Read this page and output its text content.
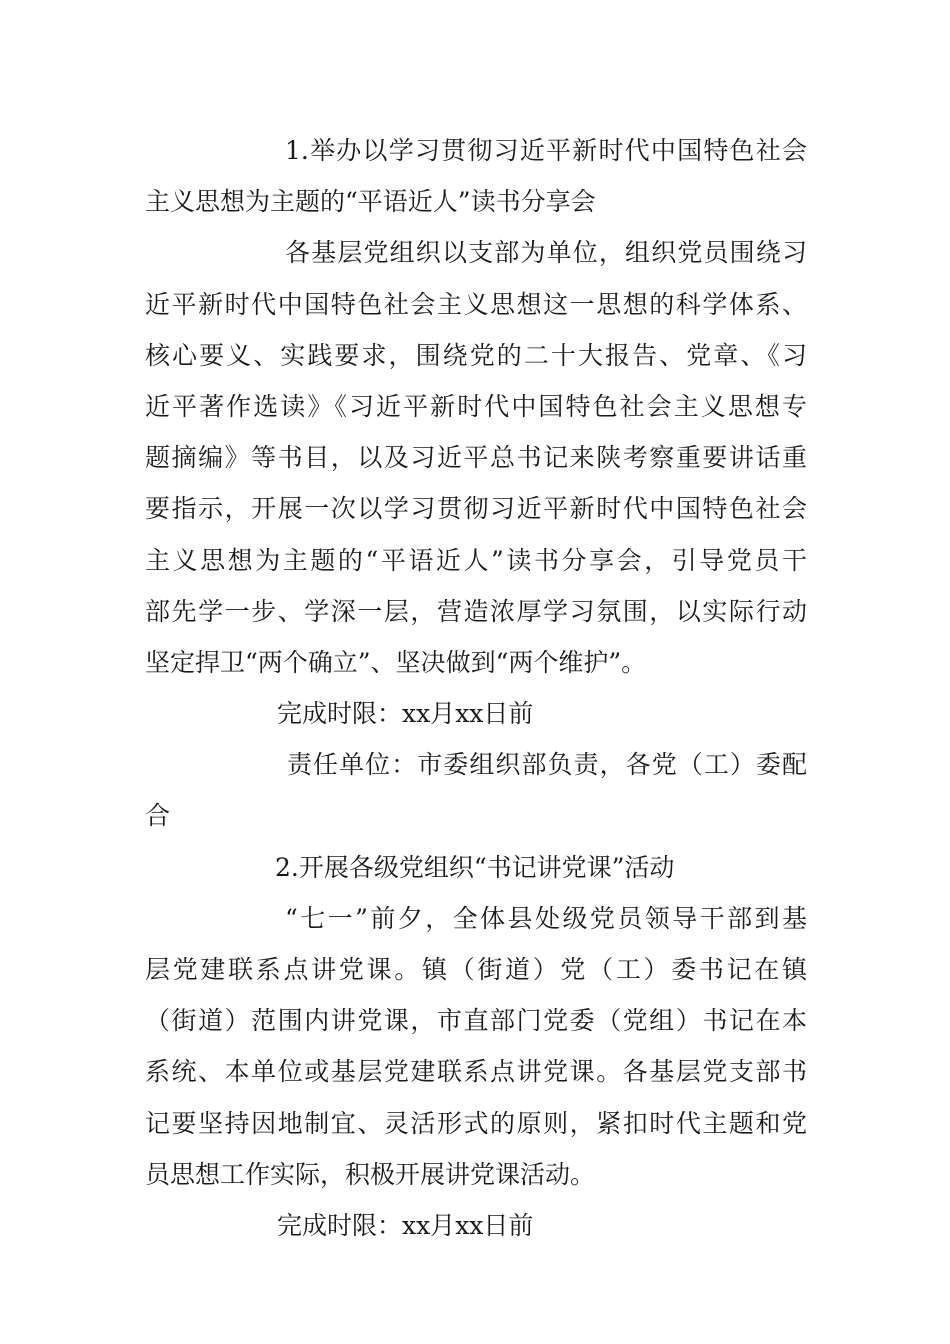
1.举办以学习贯彻习近平新时代中国特色社会
主义思想为主题的“平语近人”读书分享会
各基层党组织以支部为单位，组织党员围绕习
近平新时代中国特色社会主义思想这一思想的科学体系、
核心要义、实践要求，围绕党的二十大报告、党章、《习
近平著作选读》《习近平新时代中国特色社会主义思想专
题摘编》等书目，以及习近平总书记来陕考察重要讲话重
要指示，开展一次以学习贯彻习近平新时代中国特色社会
主义思想为主题的“平语近人”读书分享会，引导党员干
部先学一步、学深一层，营造浓厚学习氛围，以实际行动
坚定捍卫“两个确立”、坚决做到“两个维护”。
完成时限：xx月xx日前
责任单位：市委组织部负责，各党（工）委配
合
2.开展各级党组织“书记讲党课”活动
“七一”前夕，全体县处级党员领导干部到基
层党建联系点讲党课。镇（街道）党（工）委书记在镇
（街道）范围内讲党课，市直部门党委（党组）书记在本
系统、本单位或基层党建联系点讲党课。各基层党支部书
记要坚持因地制宜、灵活形式的原则，紧扣时代主题和党
员思想工作实际，积极开展讲党课活动。
完成时限：xx月xx日前
